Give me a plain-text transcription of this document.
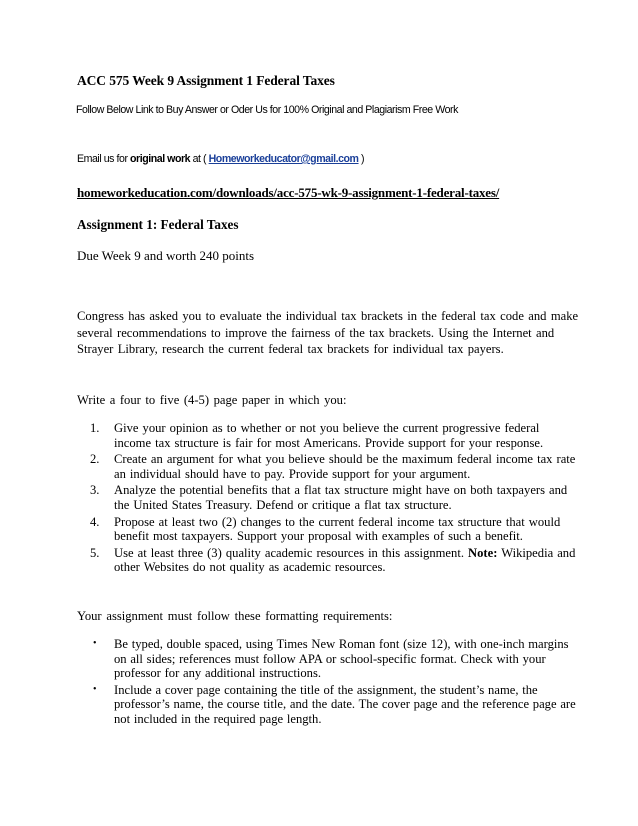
ACC 575 Week 9 Assignment 1 Federal Taxes
Follow Below Link to Buy Answer or Oder Us for 100% Original and Plagiarism Free Work
Email us for original work at ( Homeworkeducator@gmail.com )
homeworkeducation.com/downloads/acc-575-wk-9-assignment-1-federal-taxes/
Assignment 1: Federal Taxes
Due Week 9 and worth 240 points
Congress has asked you to evaluate the individual tax brackets in the federal tax code and make
several recommendations to improve the fairness of the tax brackets. Using the Internet and
Strayer Library, research the current federal tax brackets for individual tax payers.
Write a four to five (4-5) page paper in which you:
1. Give your opinion as to whether or not you believe the current progressive federal
income tax structure is fair for most Americans. Provide support for your response.
2. Create an argument for what you believe should be the maximum federal income tax rate
an individual should have to pay. Provide support for your argument.
3. Analyze the potential benefits that a flat tax structure might have on both taxpayers and
the United States Treasury. Defend or critique a flat tax structure.
4. Propose at least two (2) changes to the current federal income tax structure that would
benefit most taxpayers. Support your proposal with examples of such a benefit.
5. Use at least three (3) quality academic resources in this assignment. Note: Wikipedia and
other Websites do not quality as academic resources.
Your assignment must follow these formatting requirements:
• Be typed, double spaced, using Times New Roman font (size 12), with one-inch margins
on all sides; references must follow APA or school-specific format. Check with your
professor for any additional instructions.
• Include a cover page containing the title of the assignment, the student’s name, the
professor’s name, the course title, and the date. The cover page and the reference page are
not included in the required page length.
